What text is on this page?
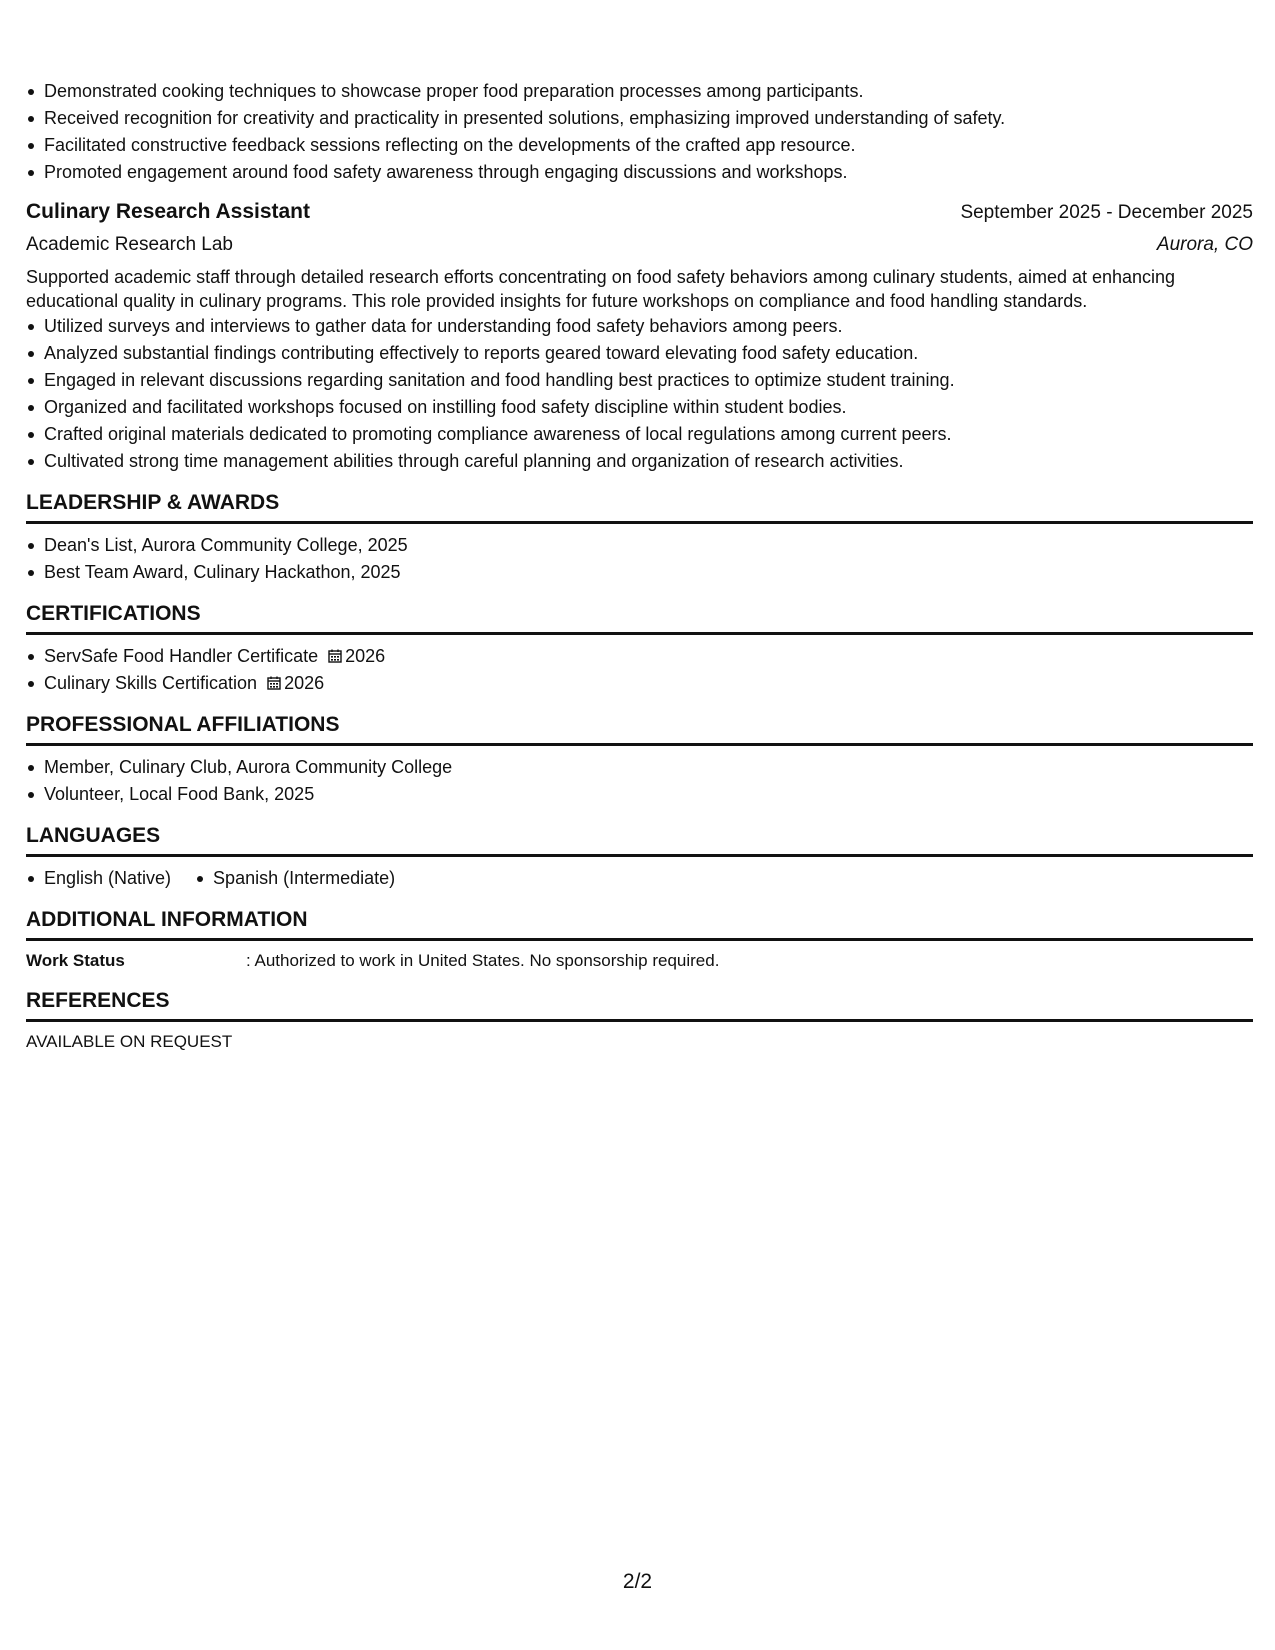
Demonstrated cooking techniques to showcase proper food preparation processes among participants.
Received recognition for creativity and practicality in presented solutions, emphasizing improved understanding of safety.
Facilitated constructive feedback sessions reflecting on the developments of the crafted app resource.
Promoted engagement around food safety awareness through engaging discussions and workshops.
Culinary Research Assistant	September 2025 - December 2025
Academic Research Lab	Aurora, CO
Supported academic staff through detailed research efforts concentrating on food safety behaviors among culinary students, aimed at enhancing educational quality in culinary programs. This role provided insights for future workshops on compliance and food handling standards.
Utilized surveys and interviews to gather data for understanding food safety behaviors among peers.
Analyzed substantial findings contributing effectively to reports geared toward elevating food safety education.
Engaged in relevant discussions regarding sanitation and food handling best practices to optimize student training.
Organized and facilitated workshops focused on instilling food safety discipline within student bodies.
Crafted original materials dedicated to promoting compliance awareness of local regulations among current peers.
Cultivated strong time management abilities through careful planning and organization of research activities.
LEADERSHIP & AWARDS
Dean's List, Aurora Community College, 2025
Best Team Award, Culinary Hackathon, 2025
CERTIFICATIONS
ServSafe Food Handler Certificate 2026
Culinary Skills Certification 2026
PROFESSIONAL AFFILIATIONS
Member, Culinary Club, Aurora Community College
Volunteer, Local Food Bank, 2025
LANGUAGES
English (Native) Spanish (Intermediate)
ADDITIONAL INFORMATION
Work Status	: Authorized to work in United States. No sponsorship required.
REFERENCES
AVAILABLE ON REQUEST
2/2
